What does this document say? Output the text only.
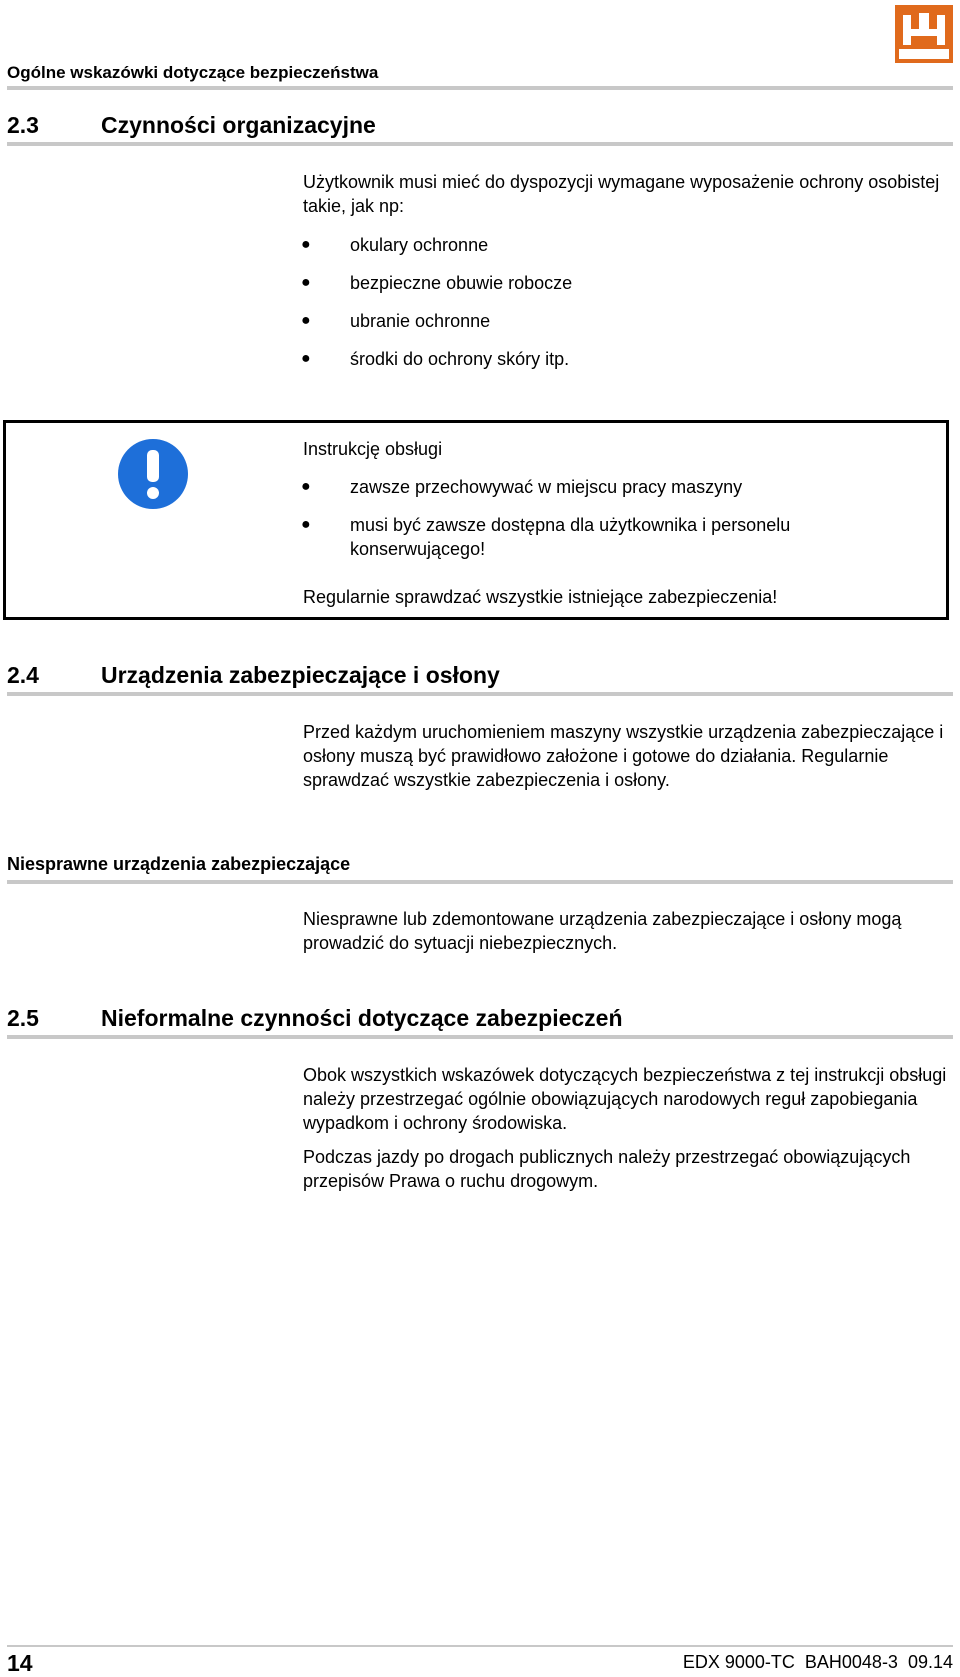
Ogólne wskazówki dotyczące bezpieczeństwa
2.3	Czynności organizacyjne
Użytkownik musi mieć do dyspozycji wymagane wyposażenie ochrony osobistej takie, jak np:
● okulary ochronne
● bezpieczne obuwie robocze
● ubranie ochronne
● środki do ochrony skóry itp.
Instrukcję obsługi
● zawsze przechowywać w miejscu pracy maszyny
● musi być zawsze dostępna dla użytkownika i personelu konserwującego!
Regularnie sprawdzać wszystkie istniejące zabezpieczenia!
2.4	Urządzenia zabezpieczające i osłony
Przed każdym uruchomieniem maszyny wszystkie urządzenia zabezpieczające i osłony muszą być prawidłowo założone i gotowe do działania. Regularnie sprawdzać wszystkie zabezpieczenia i osłony.
Niesprawne urządzenia zabezpieczające
Niesprawne lub zdemontowane urządzenia zabezpieczające i osłony mogą prowadzić do sytuacji niebezpiecznych.
2.5	Nieformalne czynności dotyczące zabezpieczeń
Obok wszystkich wskazówek dotyczących bezpieczeństwa z tej instrukcji obsługi należy przestrzegać ogólnie obowiązujących narodowych reguł zapobiegania wypadkom i ochrony środowiska.
Podczas jazdy po drogach publicznych należy przestrzegać obowiązujących przepisów Prawa o ruchu drogowym.
14	EDX 9000-TC  BAH0048-3  09.14
